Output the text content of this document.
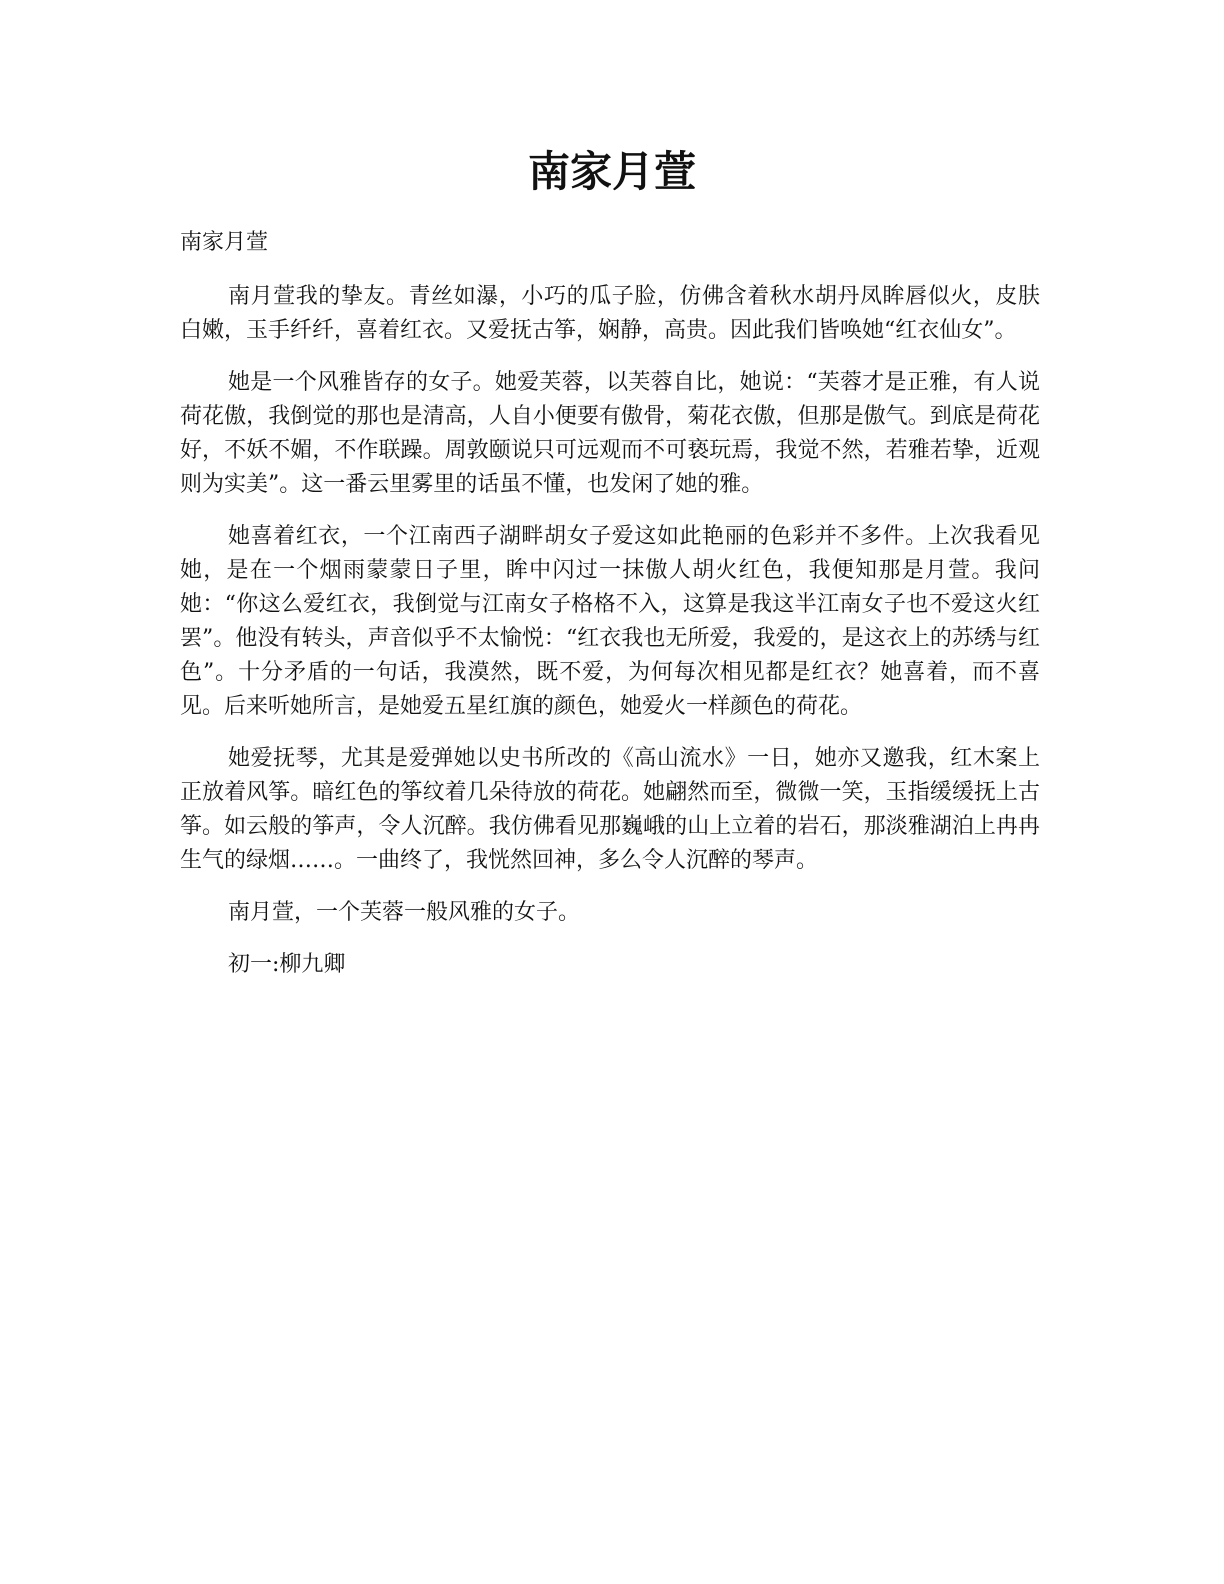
南家月萱

南家月萱

南月萱我的挚友。青丝如瀑，小巧的瓜子脸，仿佛含着秋水胡丹凤眸唇似火，皮肤白嫩，玉手纤纤，喜着红衣。又爱抚古筝，娴静，高贵。因此我们皆唤她“红衣仙女”。

她是一个风雅皆存的女子。她爱芙蓉，以芙蓉自比，她说：“芙蓉才是正雅，有人说荷花傲，我倒觉的那也是清高，人自小便要有傲骨，菊花衣傲，但那是傲气。到底是荷花好，不妖不媚，不作联躁。周敦颐说只可远观而不可亵玩焉，我觉不然，若雅若挚，近观则为实美”。这一番云里雾里的话虽不懂，也发闲了她的雅。

她喜着红衣，一个江南西子湖畔胡女子爱这如此艳丽的色彩并不多件。上次我看见她，是在一个烟雨蒙蒙日子里，眸中闪过一抹傲人胡火红色，我便知那是月萱。我问她：“你这么爱红衣，我倒觉与江南女子格格不入，这算是我这半江南女子也不爱这火红罢”。他没有转头，声音似乎不太愉悦：“红衣我也无所爱，我爱的，是这衣上的苏绣与红色”。十分矛盾的一句话，我漠然，既不爱，为何每次相见都是红衣？她喜着，而不喜见。后来听她所言，是她爱五星红旗的颜色，她爱火一样颜色的荷花。

她爱抚琴，尤其是爱弹她以史书所改的《高山流水》一日，她亦又邀我，红木案上正放着风筝。暗红色的筝纹着几朵待放的荷花。她翩然而至，微微一笑，玉指缓缓抚上古筝。如云般的筝声，令人沉醉。我仿佛看见那巍峨的山上立着的岩石，那淡雅湖泊上冉冉生气的绿烟……。一曲终了，我恍然回神，多么令人沉醉的琴声。

南月萱，一个芙蓉一般风雅的女子。

初一:柳九卿
